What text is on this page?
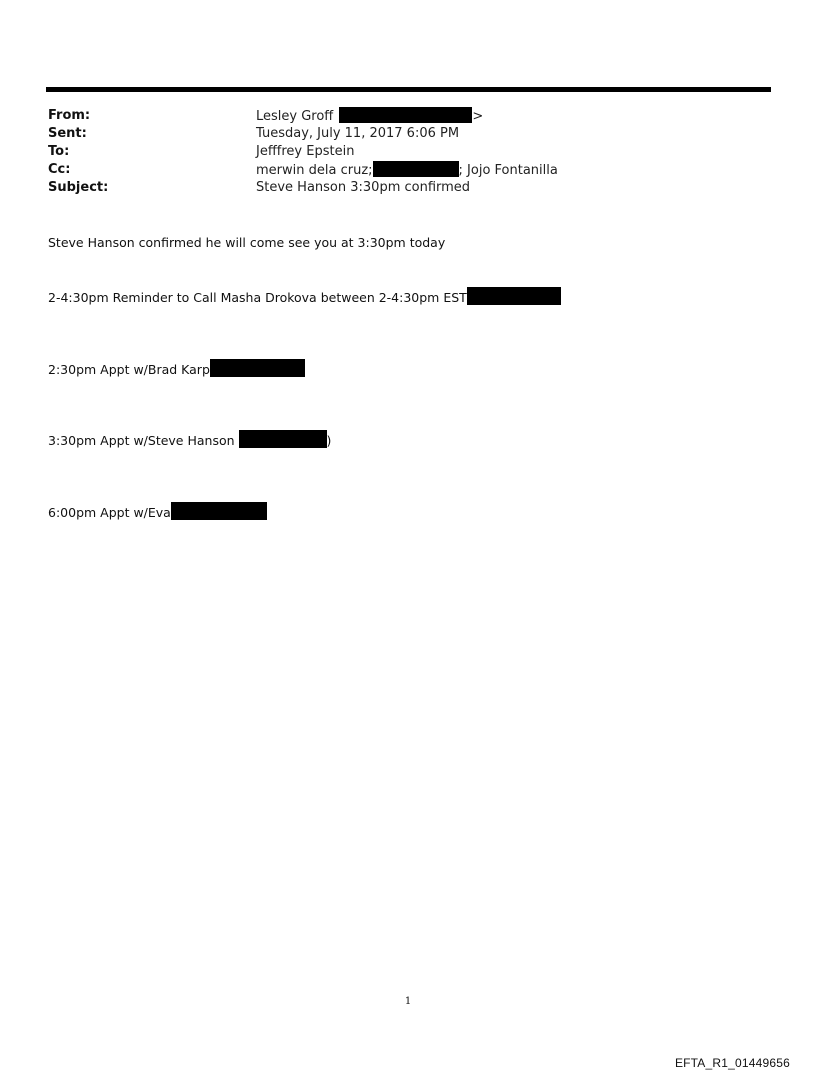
From:	Lesley Groff	>
Sent:	Tuesday, July 11, 2017 6:06 PM
To:	Jefffrey Epstein
Cc:	merwin dela cruz;	; Jojo Fontanilla
Subject:	Steve Hanson 3:30pm confirmed
Steve Hanson confirmed he will come see you at 3:30pm today
2-4:30pm Reminder to Call Masha Drokova between 2-4:30pm EST
2:30pm Appt w/Brad Karp
3:30pm Appt w/Steve Hanson	)
6:00pm Appt w/Eva
1
EFTA_R1_01449656
